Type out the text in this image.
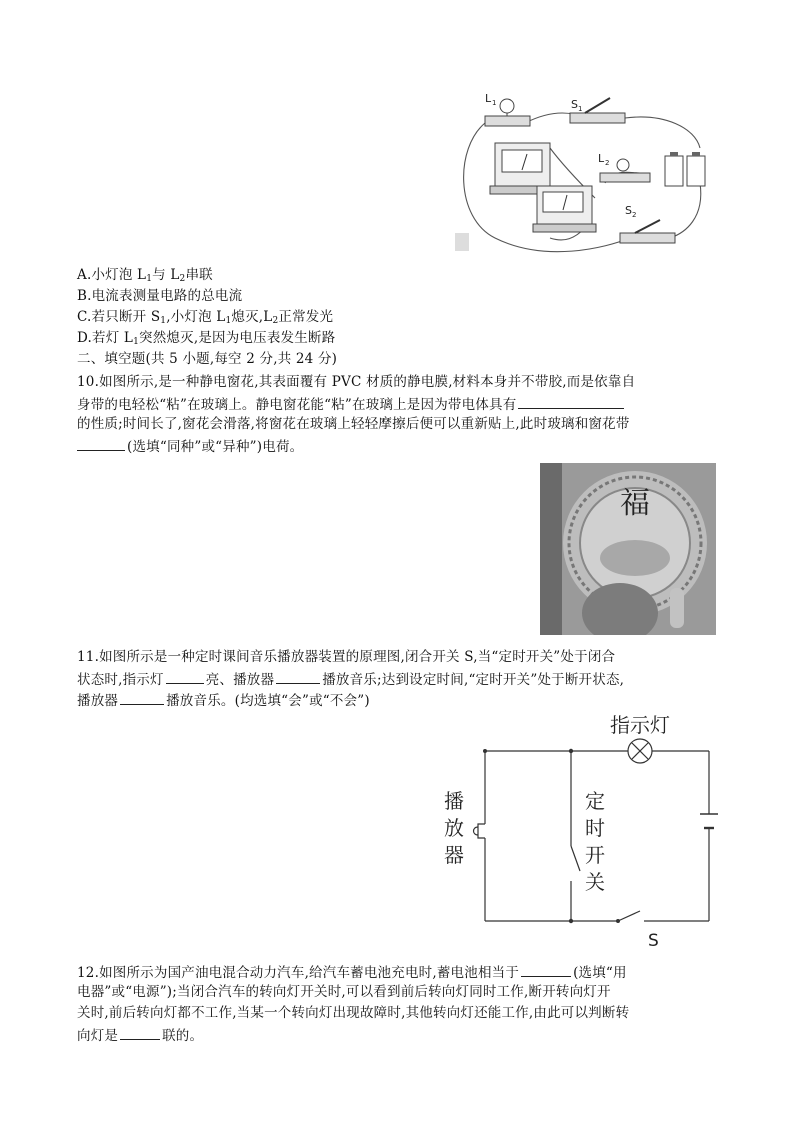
L 1	S 1
L 2
S 2
A.小灯泡 $L_1$与 $L_2$串联
B.电流表测量电路的总电流
C.若只断开 $S_1$,小灯泡 $L_1$熄灭$,L_2$正常发光
D.若灯 $L_1$突然熄灭,是因为电压表发生断路
二、填空题(共 5 小题,每空 2 分,共 24 分)
10.如图所示,是一种静电窗花,其表面覆有 PVC 材质的静电膜,材料本身并不带胶,而是依靠自
身带的电轻松“粘”在玻璃上。静电窗花能“粘”在玻璃上是因为带电体具有
的性质;时间长了,窗花会滑落,将窗花在玻璃上轻轻摩擦后便可以重新贴上,此时玻璃和窗花带
(选填“同种”或“异种”)电荷。
福
11.如图所示是一种定时课间音乐播放器装置的原理图,闭合开关 S,当“定时开关”处于闭合
状态时,指示灯	亮、播放器	播放音乐;达到设定时间,“定时开关”处于断开状态,
播放器	播放音乐。(均选填“会”或“不会”)
指示灯
播
放
器
定
时
开
关
S
12.如图所示为国产油电混合动力汽车,给汽车蓄电池充电时,蓄电池相当于	(选填“用
电器”或“电源”);当闭合汽车的转向灯开关时,可以看到前后转向灯同时工作,断开转向灯开
关时,前后转向灯都不工作,当某一个转向灯出现故障时,其他转向灯还能工作,由此可以判断转
向灯是	联的。
